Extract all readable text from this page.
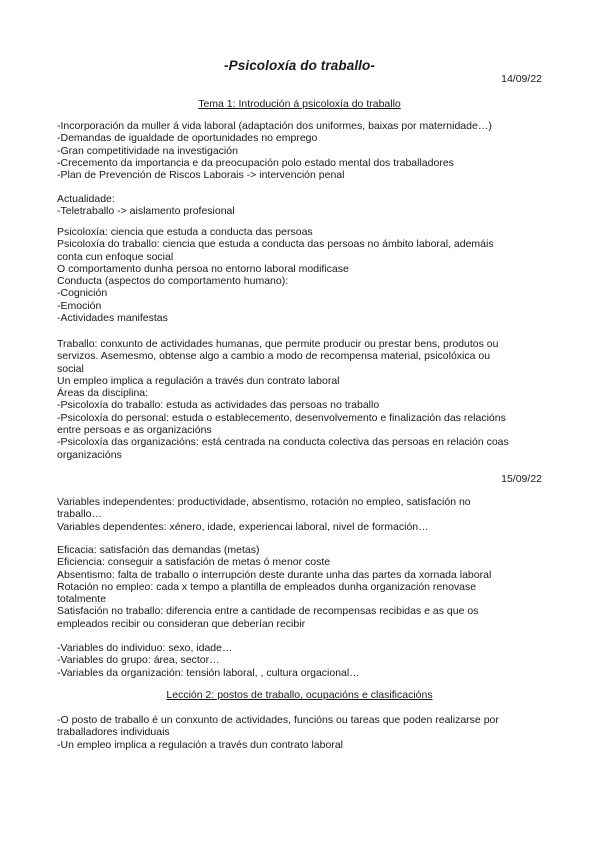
-Psicoloxía do traballo-
14/09/22
Tema 1: Introdución á psicoloxía do traballo
-Incorporación da muller á vida laboral (adaptación dos uniformes, baixas por maternidade…)
-Demandas de igualdade de oportunidades no emprego
-Gran competitividade na investigación
-Crecemento da importancia e da preocupación polo estado mental dos traballadores
-Plan de Prevención de Riscos Laborais -> intervención penal
Actualidade:
-Teletraballo -> aislamento profesional
Psicoloxía: ciencia que estuda a conducta das persoas
Psicoloxía do traballo: ciencia que estuda a conducta das persoas no ámbito laboral, ademáis
conta cun enfoque social
O comportamento dunha persoa no entorno laboral modificase
Conducta (aspectos do comportamento humano):
-Cognición
-Emoción
-Actividades manifestas
Traballo: conxunto de actividades humanas, que permite producir ou prestar bens, produtos ou
servizos. Asemesmo, obtense algo a cambio a modo de recompensa material, psicolóxica ou
social
Un empleo implica a regulación a través dun contrato laboral
Áreas da disciplina:
-Psicoloxía do traballo: estuda as actividades das persoas no traballo
-Psicoloxía do personal: estuda o establecemento, desenvolvemento e finalización das relacións
entre persoas e as organizacións
-Psicoloxía das organizacións: está centrada na conducta colectiva das persoas en relación coas
organizacións
15/09/22
Variables independentes: productividade, absentismo, rotación no empleo, satisfación no
traballo…
Variables dependentes: xénero, idade, experiencai laboral, nivel de formación…
Eficacia: satisfación das demandas (metas)
Eficiencia: conseguir a satisfación de metas ó menor coste
Absentismo: falta de traballo o interrupción deste durante unha das partes da xornada laboral
Rotación no empleo: cada x tempo a plantilla de empleados dunha organización renovase
totalmente
Satisfación no traballo: diferencia entre a cantidade de recompensas recibidas e as que os
empleados recibir ou consideran que deberían recibir
-Variables do individuo: sexo, idade…
-Variables do grupo: área, sector…
-Variables da organización: tensión laboral, , cultura orgacional…
Lección 2: postos de traballo, ocupacións e clasificacións
-O posto de traballo é un conxunto de actividades, funcións ou tareas que poden realizarse por
traballadores individuais
-Un empleo implica a regulación a través dun contrato laboral
